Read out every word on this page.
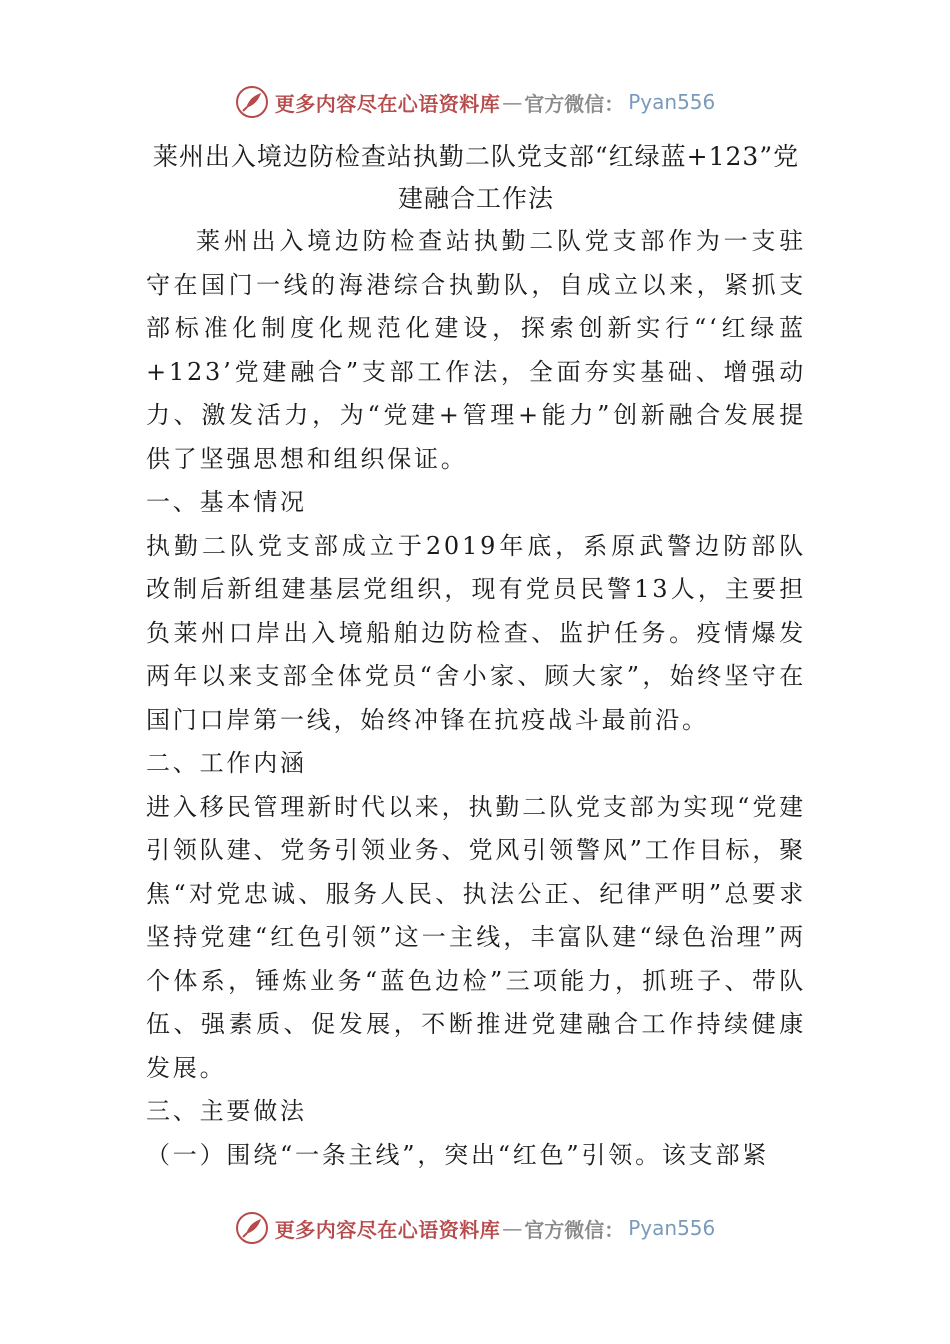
更多内容尽在心语资料库 — 官方微信： Pyan556
莱州出入境边防检查站执勤二队党支部“红绿蓝+123”党
建融合工作法

莱州出入境边防检查站执勤二队党支部作为一支驻守在国门一线的海港综合执勤队，自成立以来，紧抓支部标准化制度化规范化建设，探索创新实行“‘红绿蓝+123’党建融合”支部工作法，全面夯实基础、增强动力、激发活力，为“党建+管理+能力”创新融合发展提供了坚强思想和组织保证。

一、基本情况

执勤二队党支部成立于2019年底，系原武警边防部队改制后新组建基层党组织，现有党员民警13人，主要担负莱州口岸出入境船舶边防检查、监护任务。疫情爆发两年以来支部全体党员“舍小家、顾大家”，始终坚守在国门口岸第一线，始终冲锋在抗疫战斗最前沿。

二、工作内涵

进入移民管理新时代以来，执勤二队党支部为实现“党建引领队建、党务引领业务、党风引领警风”工作目标，聚焦“对党忠诚、服务人民、执法公正、纪律严明”总要求坚持党建“红色引领”这一主线，丰富队建“绿色治理”两个体系，锤炼业务“蓝色边检”三项能力，抓班子、带队伍、强素质、促发展，不断推进党建融合工作持续健康发展。

三、主要做法

（一）围绕“一条主线”，突出“红色”引领。该支部紧

更多内容尽在心语资料库 — 官方微信： Pyan556
